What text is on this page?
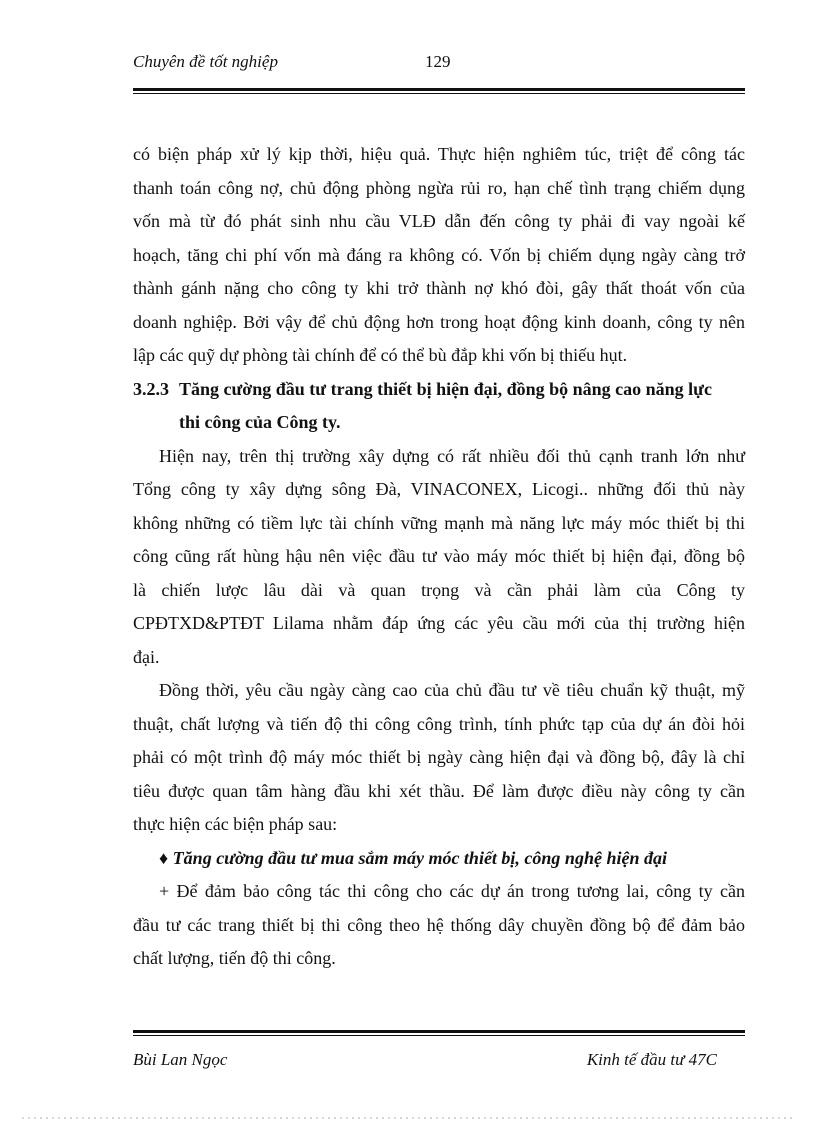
Chuyên đề tốt nghiệp	129
có biện pháp xử lý kịp thời, hiệu quả. Thực hiện nghiêm túc, triệt để công tác
thanh toán công nợ, chủ động phòng ngừa rủi ro, hạn chế tình trạng chiếm dụng
vốn mà từ đó phát sinh nhu cầu VLĐ dẫn đến công ty phải đi vay ngoài kế
hoạch, tăng chi phí vốn mà đáng ra không có. Vốn bị chiếm dụng ngày càng trở
thành gánh nặng cho công ty khi trở thành nợ khó đòi, gây thất thoát vốn của
doanh nghiệp. Bởi vậy để chủ động hơn trong hoạt động kinh doanh, công ty nên
lập các quỹ dự phòng tài chính để có thể bù đắp khi vốn bị thiếu hụt.
3.2.3 Tăng cường đầu tư trang thiết bị hiện đại, đồng bộ nâng cao năng lực
thi công của Công ty.
Hiện nay, trên thị trường xây dựng có rất nhiều đối thủ cạnh tranh lớn như
Tổng công ty xây dựng sông Đà, VINACONEX, Licogi.. những đối thủ này
không những có tiềm lực tài chính vững mạnh mà năng lực máy móc thiết bị thi
công cũng rất hùng hậu nên việc đầu tư vào máy móc thiết bị hiện đại, đồng bộ
là chiến lược lâu dài và quan trọng và cần phải làm của Công ty
CPĐTXD&PTĐT Lilama nhằm đáp ứng các yêu cầu mới của thị trường hiện
đại.
Đồng thời, yêu cầu ngày càng cao của chủ đầu tư về tiêu chuẩn kỹ thuật, mỹ
thuật, chất lượng và tiến độ thi công công trình, tính phức tạp của dự án đòi hỏi
phải có một trình độ máy móc thiết bị ngày càng hiện đại và đồng bộ, đây là chỉ
tiêu được quan tâm hàng đầu khi xét thầu. Để làm được điều này công ty cần
thực hiện các biện pháp sau:
♦ Tăng cường đầu tư mua sắm máy móc thiết bị, công nghệ hiện đại
+ Để đảm bảo công tác thi công cho các dự án trong tương lai, công ty cần
đầu tư các trang thiết bị thi công theo hệ thống dây chuyền đồng bộ để đảm bảo
chất lượng, tiến độ thi công.
Bùi Lan Ngọc	Kinh tế đầu tư 47C
